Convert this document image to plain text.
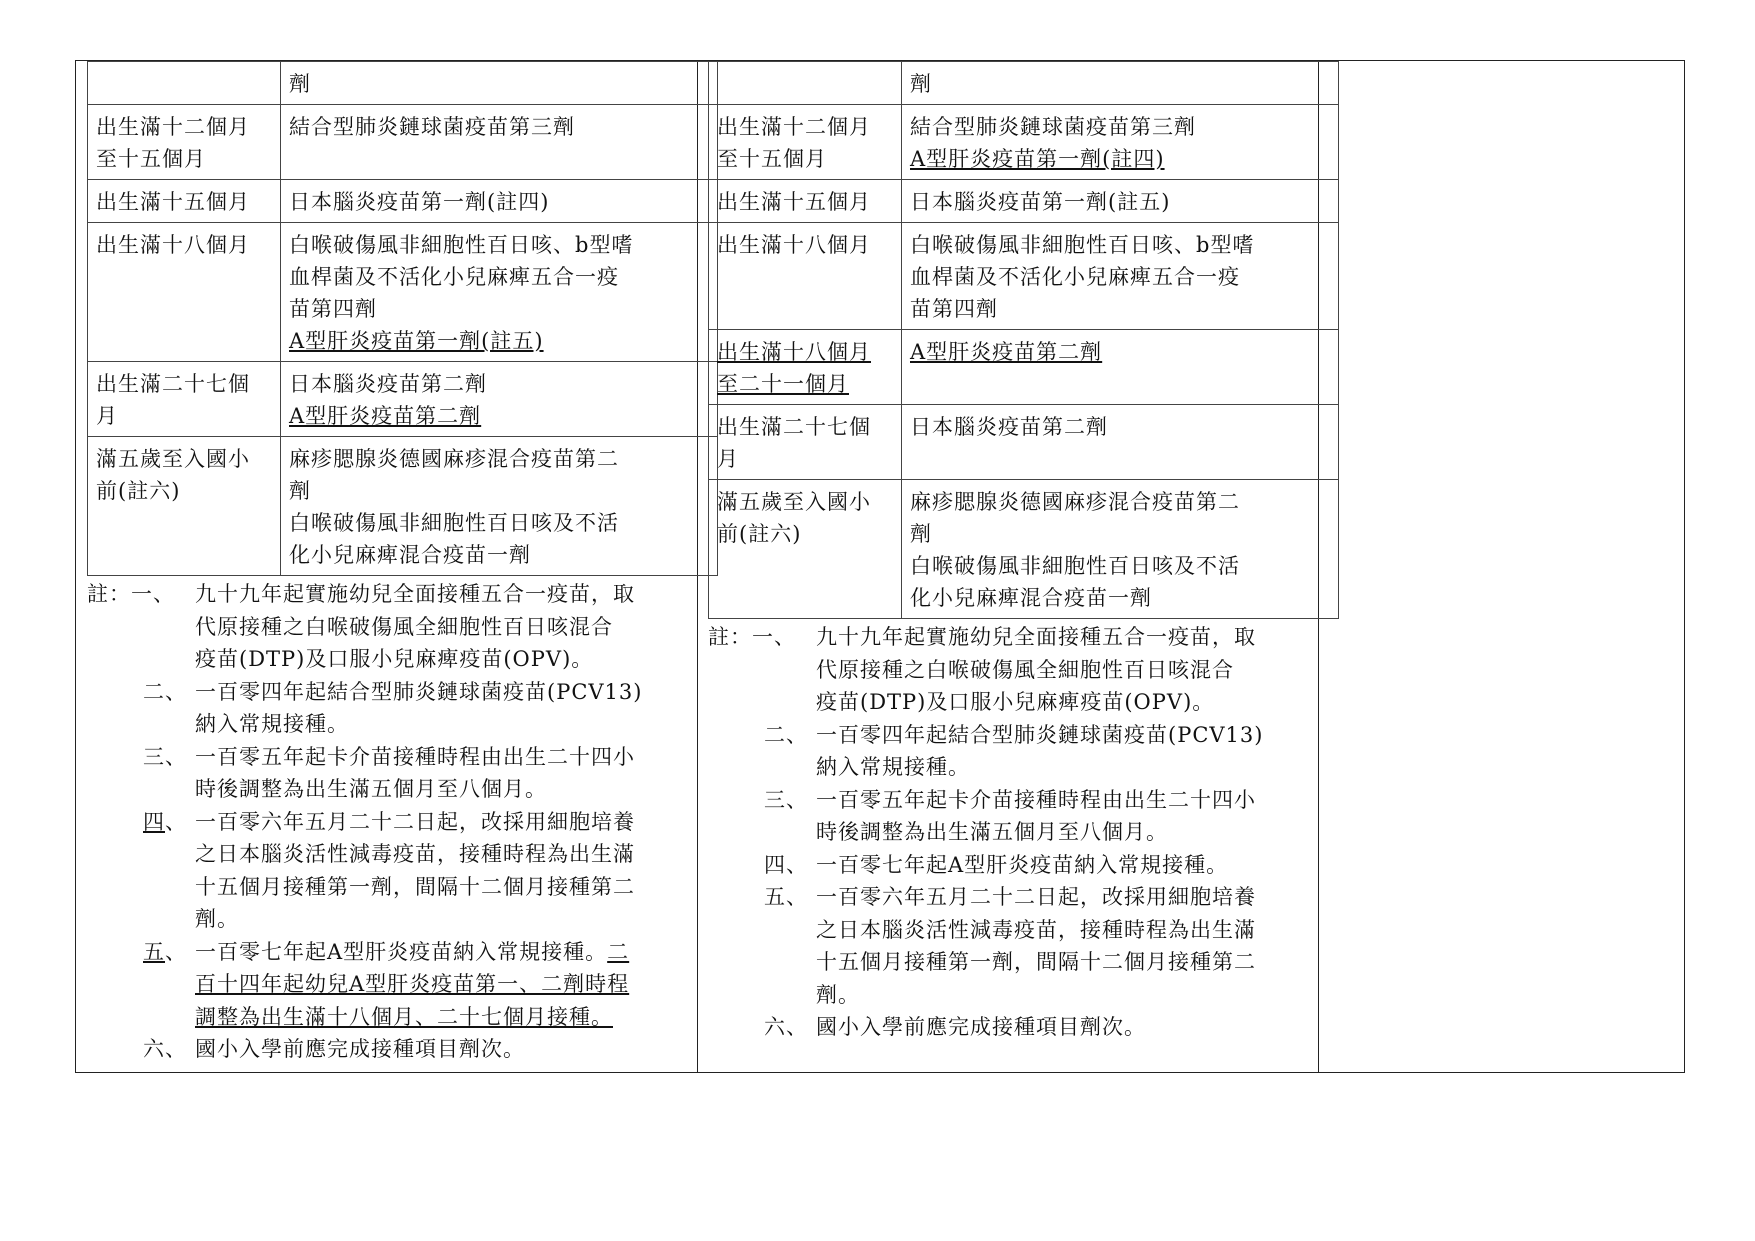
	劑

出生滿十二個月
至十五個月	結合型肺炎鏈球菌疫苗第三劑

出生滿十五個月	日本腦炎疫苗第一劑(註四)

出生滿十八個月	白喉破傷風非細胞性百日咳、b型嗜
血桿菌及不活化小兒麻痺五合一疫
苗第四劑
A型肝炎疫苗第一劑(註五)

出生滿二十七個
月	日本腦炎疫苗第二劑
A型肝炎疫苗第二劑

滿五歲至入國小
前(註六)	麻疹腮腺炎德國麻疹混合疫苗第二
劑
白喉破傷風非細胞性百日咳及不活
化小兒麻痺混合疫苗一劑
註：一、 九十九年起實施幼兒全面接種五合一疫苗，取
代原接種之白喉破傷風全細胞性百日咳混合
疫苗(DTP)及口服小兒麻痺疫苗(OPV)。
二、 一百零四年起結合型肺炎鏈球菌疫苗(PCV13)
納入常規接種。
三、 一百零五年起卡介苗接種時程由出生二十四小
時後調整為出生滿五個月至八個月。
四、 一百零六年五月二十二日起，改採用細胞培養
之日本腦炎活性減毒疫苗，接種時程為出生滿
十五個月接種第一劑，間隔十二個月接種第二
劑。
五、 一百零七年起A型肝炎疫苗納入常規接種。二
百十四年起幼兒A型肝炎疫苗第一、二劑時程
調整為出生滿十八個月、二十七個月接種。
六、 國小入學前應完成接種項目劑次。

	劑

出生滿十二個月
至十五個月	結合型肺炎鏈球菌疫苗第三劑
A型肝炎疫苗第一劑(註四)

出生滿十五個月	日本腦炎疫苗第一劑(註五)

出生滿十八個月	白喉破傷風非細胞性百日咳、b型嗜
血桿菌及不活化小兒麻痺五合一疫
苗第四劑

出生滿十八個月
至二十一個月	A型肝炎疫苗第二劑

出生滿二十七個
月	日本腦炎疫苗第二劑

滿五歲至入國小
前(註六)	麻疹腮腺炎德國麻疹混合疫苗第二
劑
白喉破傷風非細胞性百日咳及不活
化小兒麻痺混合疫苗一劑
註：一、 九十九年起實施幼兒全面接種五合一疫苗，取
代原接種之白喉破傷風全細胞性百日咳混合
疫苗(DTP)及口服小兒麻痺疫苗(OPV)。
二、 一百零四年起結合型肺炎鏈球菌疫苗(PCV13)
納入常規接種。
三、 一百零五年起卡介苗接種時程由出生二十四小
時後調整為出生滿五個月至八個月。
四、 一百零七年起A型肝炎疫苗納入常規接種。
五、 一百零六年五月二十二日起，改採用細胞培養
之日本腦炎活性減毒疫苗，接種時程為出生滿
十五個月接種第一劑，間隔十二個月接種第二
劑。
六、 國小入學前應完成接種項目劑次。
